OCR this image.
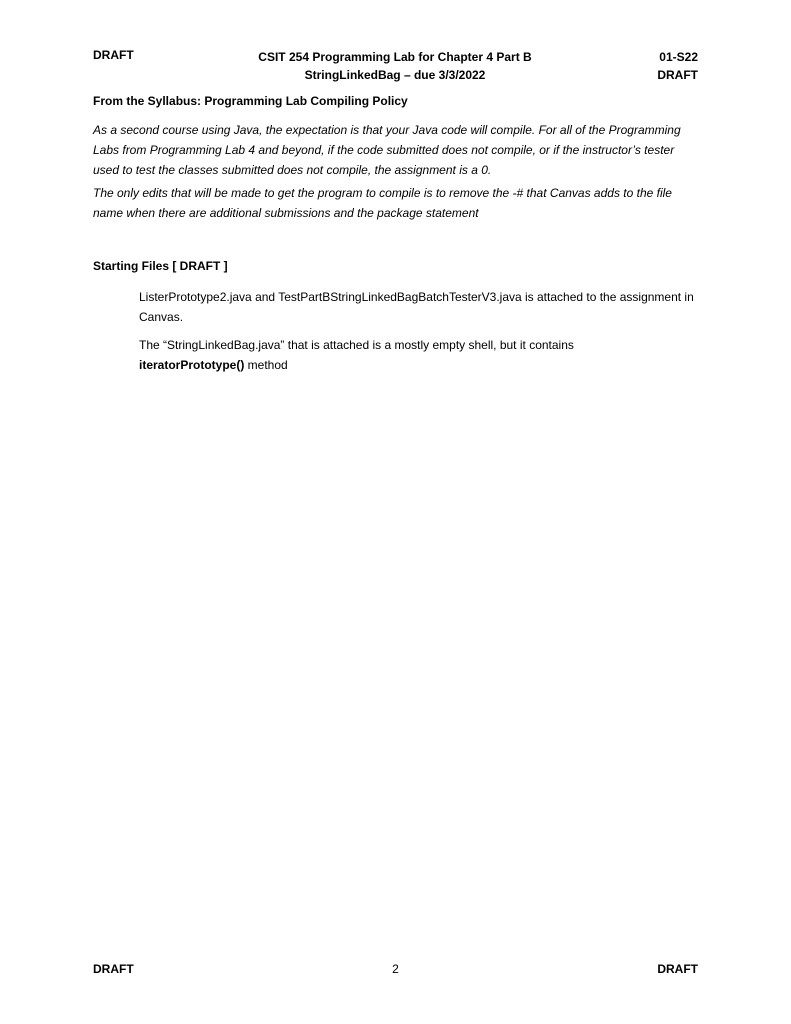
DRAFT	CSIT 254 Programming Lab for Chapter 4 Part B
StringLinkedBag – due 3/3/2022
01-S22
DRAFT
From the Syllabus: Programming Lab Compiling Policy
As a second course using Java, the expectation is that your Java code will compile. For all of the Programming Labs from Programming Lab 4 and beyond, if the code submitted does not compile, or if the instructor’s tester used to test the classes submitted does not compile, the assignment is a 0.
The only edits that will be made to get the program to compile is to remove the -# that Canvas adds to the file name when there are additional submissions and the package statement
Starting Files [ DRAFT ]
ListerPrototype2.java and TestPartBStringLinkedBagBatchTesterV3.java is attached to the assignment in Canvas.
The “StringLinkedBag.java” that is attached is a mostly empty shell, but it contains
iteratorPrototype() method
DRAFT	2	DRAFT
